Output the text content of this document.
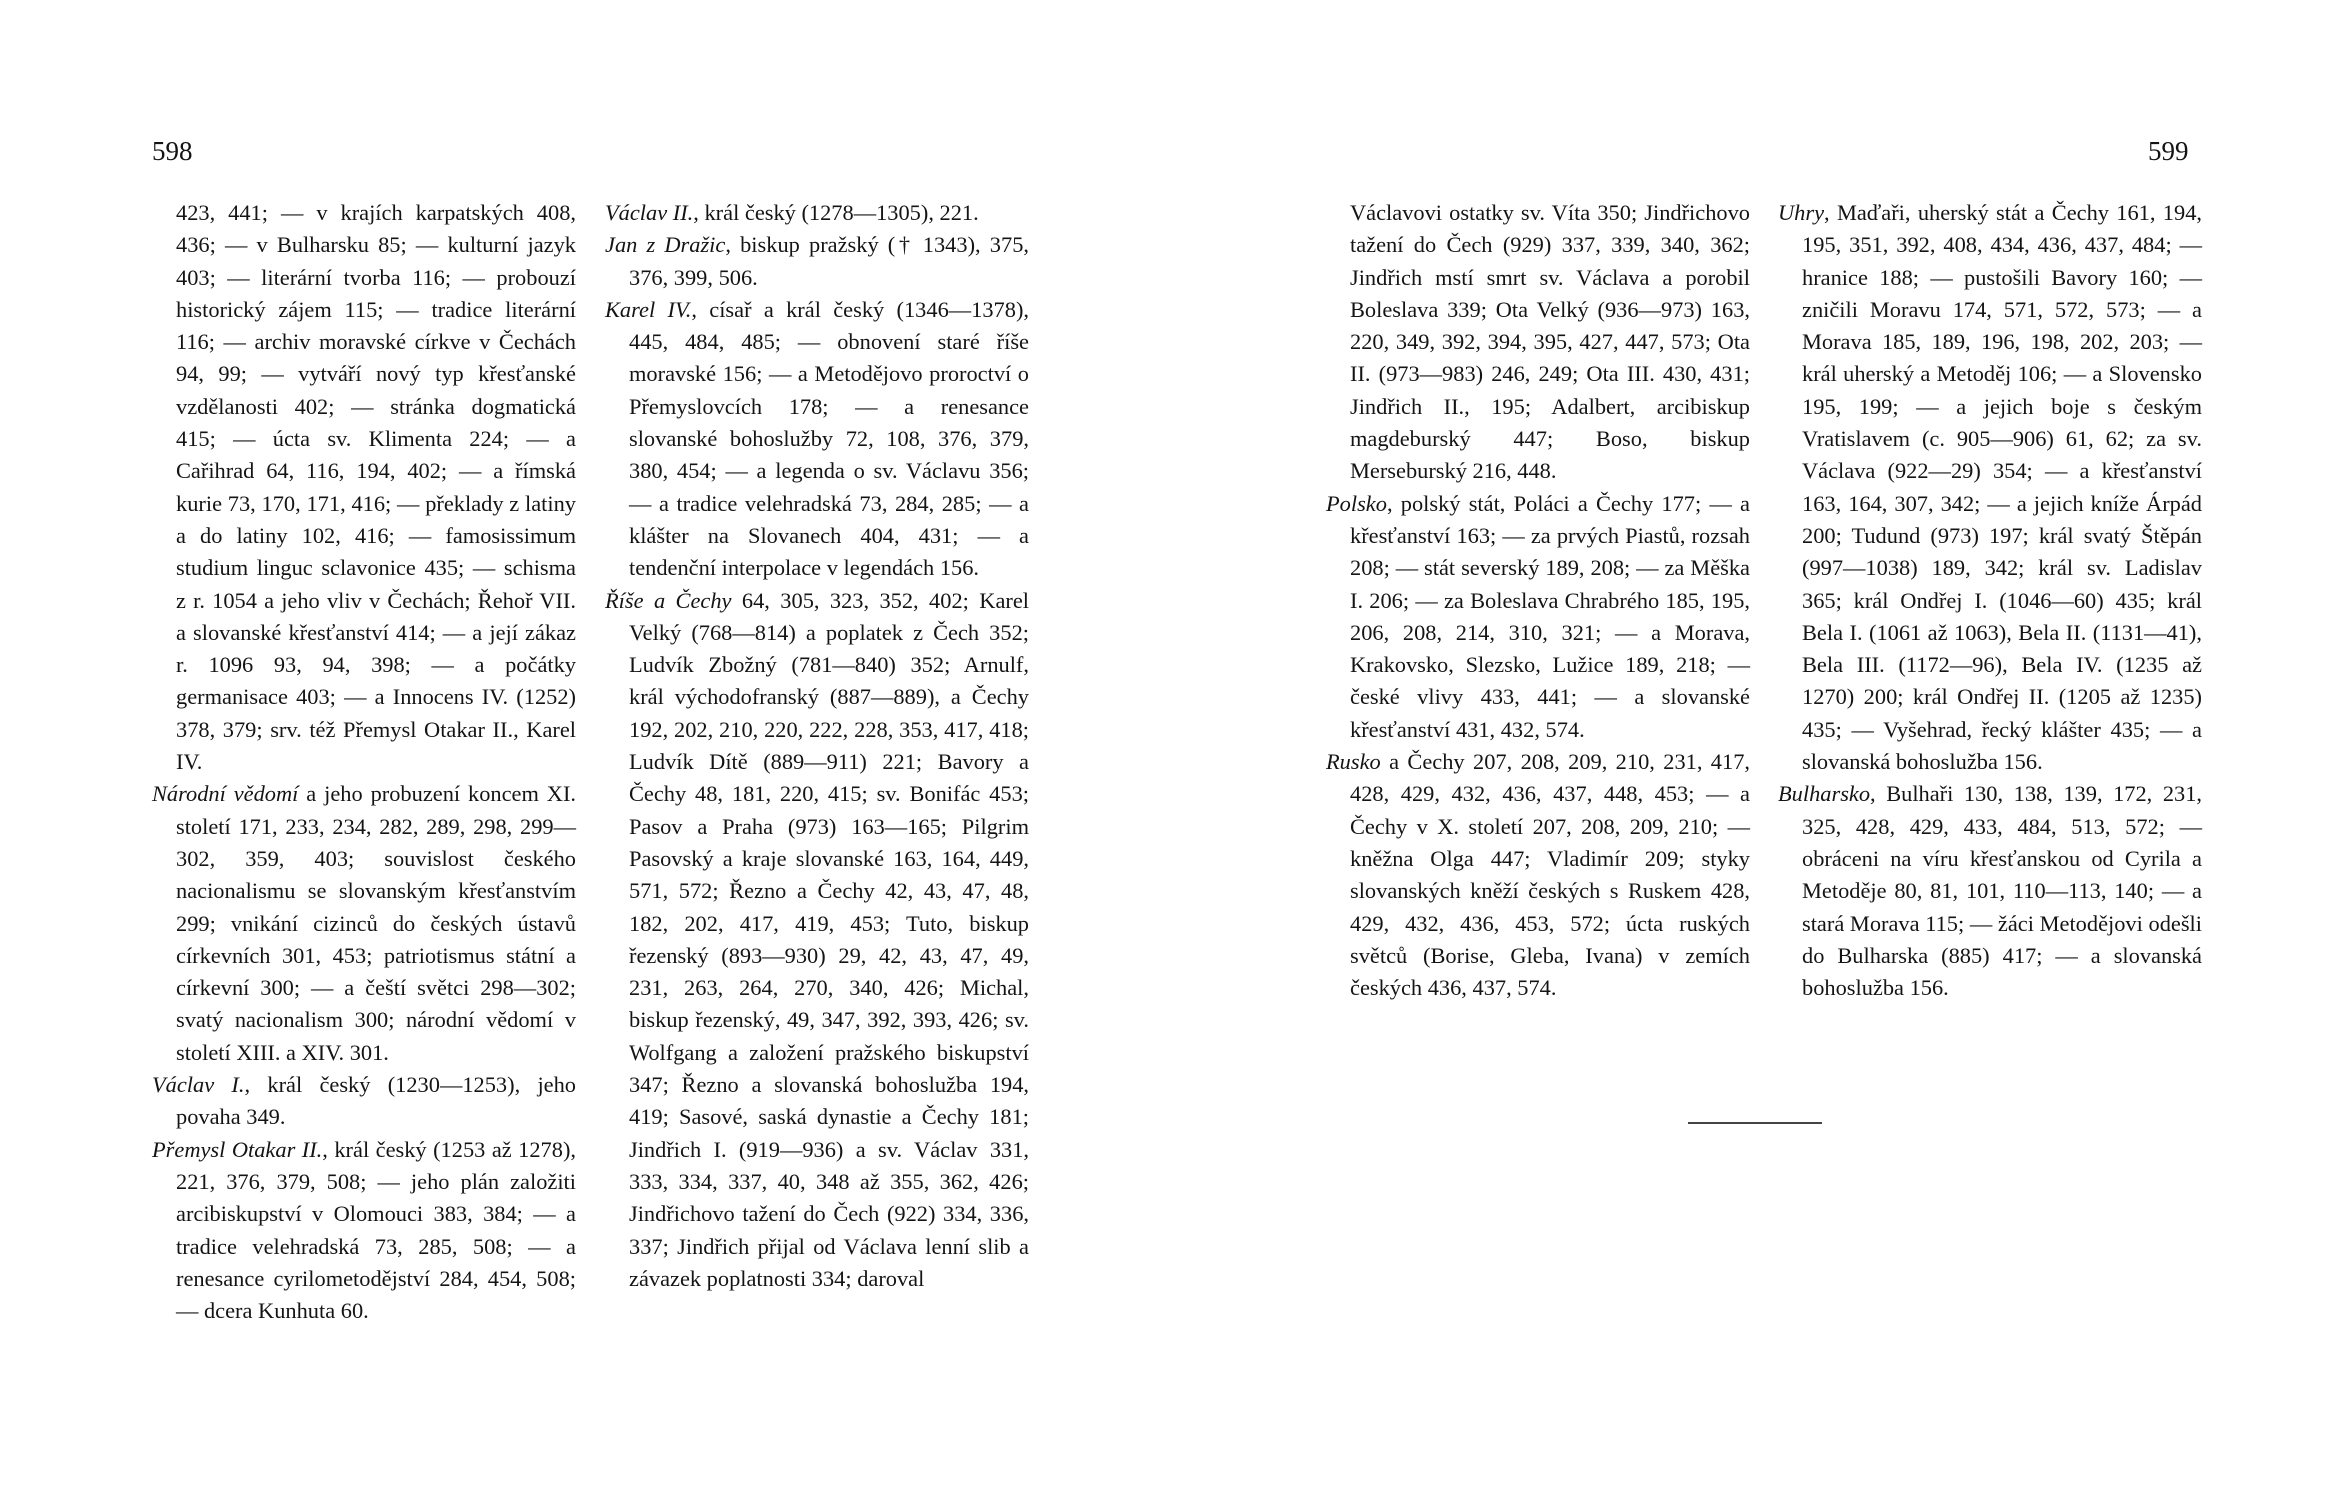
598	599

423, 441; — v krajích karpatských 408, 436; — v Bulharsku 85; — kulturní jazyk 403; — literární tvorba 116; — probouzí historický zájem 115; — tradice literární 116; — archiv moravské církve v Čechách 94, 99; — vytváří nový typ křesťanské vzdělanosti 402; — stránka dogmatická 415; — úcta sv. Klimenta 224; — a Cařihrad 64, 116, 194, 402; — a římská kurie 73, 170, 171, 416; — překlady z latiny a do latiny 102, 416; — famosissimum studium linguc sclavonice 435; — schisma z r. 1054 a jeho vliv v Čechách; Řehoř VII. a slovanské křesťanství 414; — a její zákaz r. 1096 93, 94, 398; — a počátky germanisace 403; — a Innocens IV. (1252) 378, 379; srv. též Přemysl Otakar II., Karel IV.

Národní vědomí a jeho probuzení koncem XI. století 171, 233, 234, 282, 289, 298, 299—302, 359, 403; souvislost českého nacionalismu se slovanským křesťanstvím 299; vnikání cizinců do českých ústavů církevních 301, 453; patriotismus státní a církevní 300; — a čeští světci 298—302; svatý nacionalism 300; národní vědomí v století XIII. a XIV. 301.

Václav I., král český (1230—1253), jeho povaha 349.

Přemysl Otakar II., král český (1253 až 1278), 221, 376, 379, 508; — jeho plán založiti arcibiskupství v Olomouci 383, 384; — a tradice velehradská 73, 285, 508; — a renesance cyrilometodějství 284, 454, 508; — dcera Kunhuta 60.

Václav II., král český (1278—1305), 221.

Jan z Dražic, biskup pražský († 1343), 375, 376, 399, 506.

Karel IV., císař a král český (1346—1378), 445, 484, 485; — obnovení staré říše moravské 156; — a Metodějovo proroctví o Přemyslovcích 178; — a renesance slovanské bohoslužby 72, 108, 376, 379, 380, 454; — a legenda o sv. Václavu 356; — a tradice velehradská 73, 284, 285; — a klášter na Slovanech 404, 431; — a tendenční interpolace v legendách 156.

Říše a Čechy 64, 305, 323, 352, 402; Karel Velký (768—814) a poplatek z Čech 352; Ludvík Zbožný (781—840) 352; Arnulf, král východofranský (887—889), a Čechy 192, 202, 210, 220, 222, 228, 353, 417, 418; Ludvík Dítě (889—911) 221; Bavory a Čechy 48, 181, 220, 415; sv. Bonifác 453; Pasov a Praha (973) 163—165; Pilgrim Pasovský a kraje slovanské 163, 164, 449, 571, 572; Řezno a Čechy 42, 43, 47, 48, 182, 202, 417, 419, 453; Tuto, biskup řezenský (893—930) 29, 42, 43, 47, 49, 231, 263, 264, 270, 340, 426; Michal, biskup řezenský, 49, 347, 392, 393, 426; sv. Wolfgang a založení pražského biskupství 347; Řezno a slovanská bohoslužba 194, 419; Sasové, saská dynastie a Čechy 181; Jindřich I. (919—936) a sv. Václav 331, 333, 334, 337, 40, 348 až 355, 362, 426; Jindřichovo tažení do Čech (922) 334, 336, 337; Jindřich přijal od Václava lenní slib a závazek poplatnosti 334; daroval

Václavovi ostatky sv. Víta 350; Jindřichovo tažení do Čech (929) 337, 339, 340, 362; Jindřich mstí smrt sv. Václava a porobil Boleslava 339; Ota Velký (936—973) 163, 220, 349, 392, 394, 395, 427, 447, 573; Ota II. (973—983) 246, 249; Ota III. 430, 431; Jindřich II., 195; Adalbert, arcibiskup magdeburský 447; Boso, biskup Merseburský 216, 448.

Polsko, polský stát, Poláci a Čechy 177; — a křesťanství 163; — za prvých Piastů, rozsah 208; — stát severský 189, 208; — za Měška I. 206; — za Boleslava Chrabrého 185, 195, 206, 208, 214, 310, 321; — a Morava, Krakovsko, Slezsko, Lužice 189, 218; — české vlivy 433, 441; — a slovanské křesťanství 431, 432, 574.

Rusko a Čechy 207, 208, 209, 210, 231, 417, 428, 429, 432, 436, 437, 448, 453; — a Čechy v X. století 207, 208, 209, 210; — kněžna Olga 447; Vladimír 209; styky slovanských kněží českých s Ruskem 428, 429, 432, 436, 453, 572; úcta ruských světců (Borise, Gleba, Ivana) v zemích českých 436, 437, 574.

Uhry, Maďaři, uherský stát a Čechy 161, 194, 195, 351, 392, 408, 434, 436, 437, 484; — hranice 188; — pustošili Bavory 160; — zničili Moravu 174, 571, 572, 573; — a Morava 185, 189, 196, 198, 202, 203; — král uherský a Metoděj 106; — a Slovensko 195, 199; — a jejich boje s českým Vratislavem (c. 905—906) 61, 62; za sv. Václava (922—29) 354; — a křesťanství 163, 164, 307, 342; — a jejich kníže Árpád 200; Tudund (973) 197; král svatý Štěpán (997—1038) 189, 342; král sv. Ladislav 365; král Ondřej I. (1046—60) 435; král Bela I. (1061 až 1063), Bela II. (1131—41), Bela III. (1172—96), Bela IV. (1235 až 1270) 200; král Ondřej II. (1205 až 1235) 435; — Vyšehrad, řecký klášter 435; — a slovanská bohoslužba 156.

Bulharsko, Bulhaři 130, 138, 139, 172, 231, 325, 428, 429, 433, 484, 513, 572; — obráceni na víru křesťanskou od Cyrila a Metoděje 80, 81, 101, 110—113, 140; — a stará Morava 115; — žáci Metodějovi odešli do Bulharska (885) 417; — a slovanská bohoslužba 156.
